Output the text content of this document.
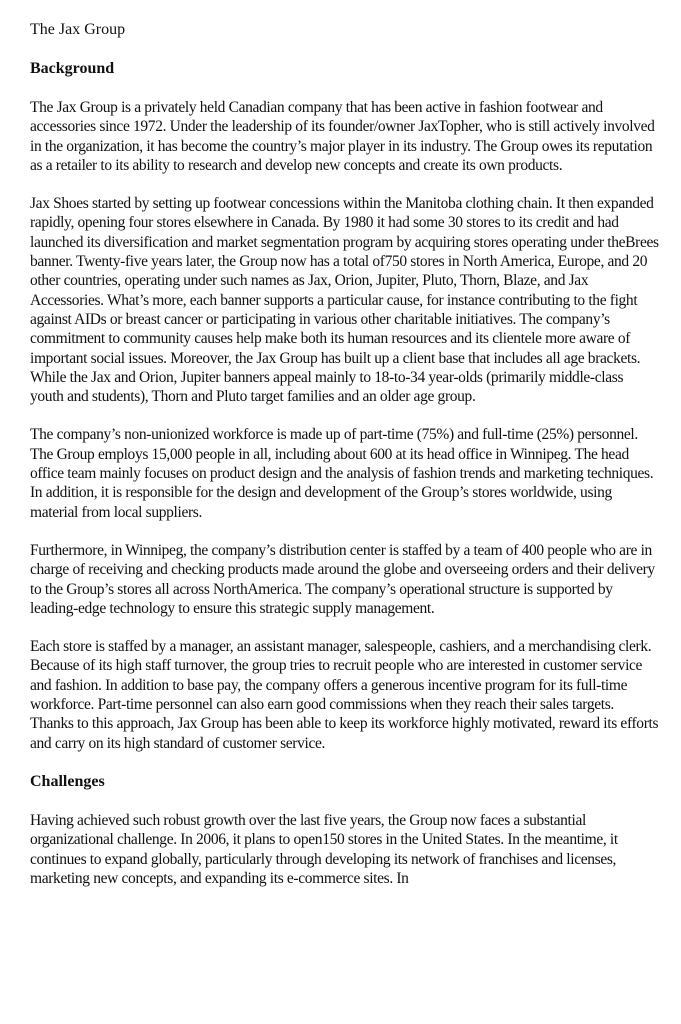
The Jax Group
Background

The Jax Group is a privately held Canadian company that has been active in fashion footwear and accessories since 1972. Under the leadership of its founder/owner JaxTopher, who is still actively involved in the organization, it has become the country’s major player in its industry. The Group owes its reputation as a retailer to its ability to research and develop new concepts and create its own products.

Jax Shoes started by setting up footwear concessions within the Manitoba clothing chain. It then expanded rapidly, opening four stores elsewhere in Canada. By 1980 it had some 30 stores to its credit and had launched its diversification and market segmentation program by acquiring stores operating under theBrees banner. Twenty-five years later, the Group now has a total of750 stores in North America, Europe, and 20 other countries, operating under such names as Jax, Orion, Jupiter, Pluto, Thorn, Blaze, and Jax Accessories. What’s more, each banner supports a particular cause, for instance contributing to the fight against AIDs or breast cancer or participating in various other charitable initiatives. The company’s commitment to community causes help make both its human resources and its clientele more aware of important social issues. Moreover, the Jax Group has built up a client base that includes all age brackets. While the Jax and Orion, Jupiter banners appeal mainly to 18-to-34 year-olds (primarily middle-class youth and students), Thorn and Pluto target families and an older age group.

The company’s non-unionized workforce is made up of part-time (75%) and full-time (25%) personnel. The Group employs 15,000 people in all, including about 600 at its head office in Winnipeg. The head office team mainly focuses on product design and the analysis of fashion trends and marketing techniques. In addition, it is responsible for the design and development of the Group’s stores worldwide, using material from local suppliers.

Furthermore, in Winnipeg, the company’s distribution center is staffed by a team of 400 people who are in charge of receiving and checking products made around the globe and overseeing orders and their delivery to the Group’s stores all across NorthAmerica. The company’s operational structure is supported by leading-edge technology to ensure this strategic supply management.

Each store is staffed by a manager, an assistant manager, salespeople, cashiers, and a merchandising clerk. Because of its high staff turnover, the group tries to recruit people who are interested in customer service and fashion. In addition to base pay, the company offers a generous incentive program for its full-time workforce. Part-time personnel can also earn good commissions when they reach their sales targets. Thanks to this approach, Jax Group has been able to keep its workforce highly motivated, reward its efforts and carry on its high standard of customer service.

Challenges

Having achieved such robust growth over the last five years, the Group now faces a substantial organizational challenge. In 2006, it plans to open150 stores in the United States. In the meantime, it continues to expand globally, particularly through developing its network of franchises and licenses, marketing new concepts, and expanding its e-commerce sites. In
